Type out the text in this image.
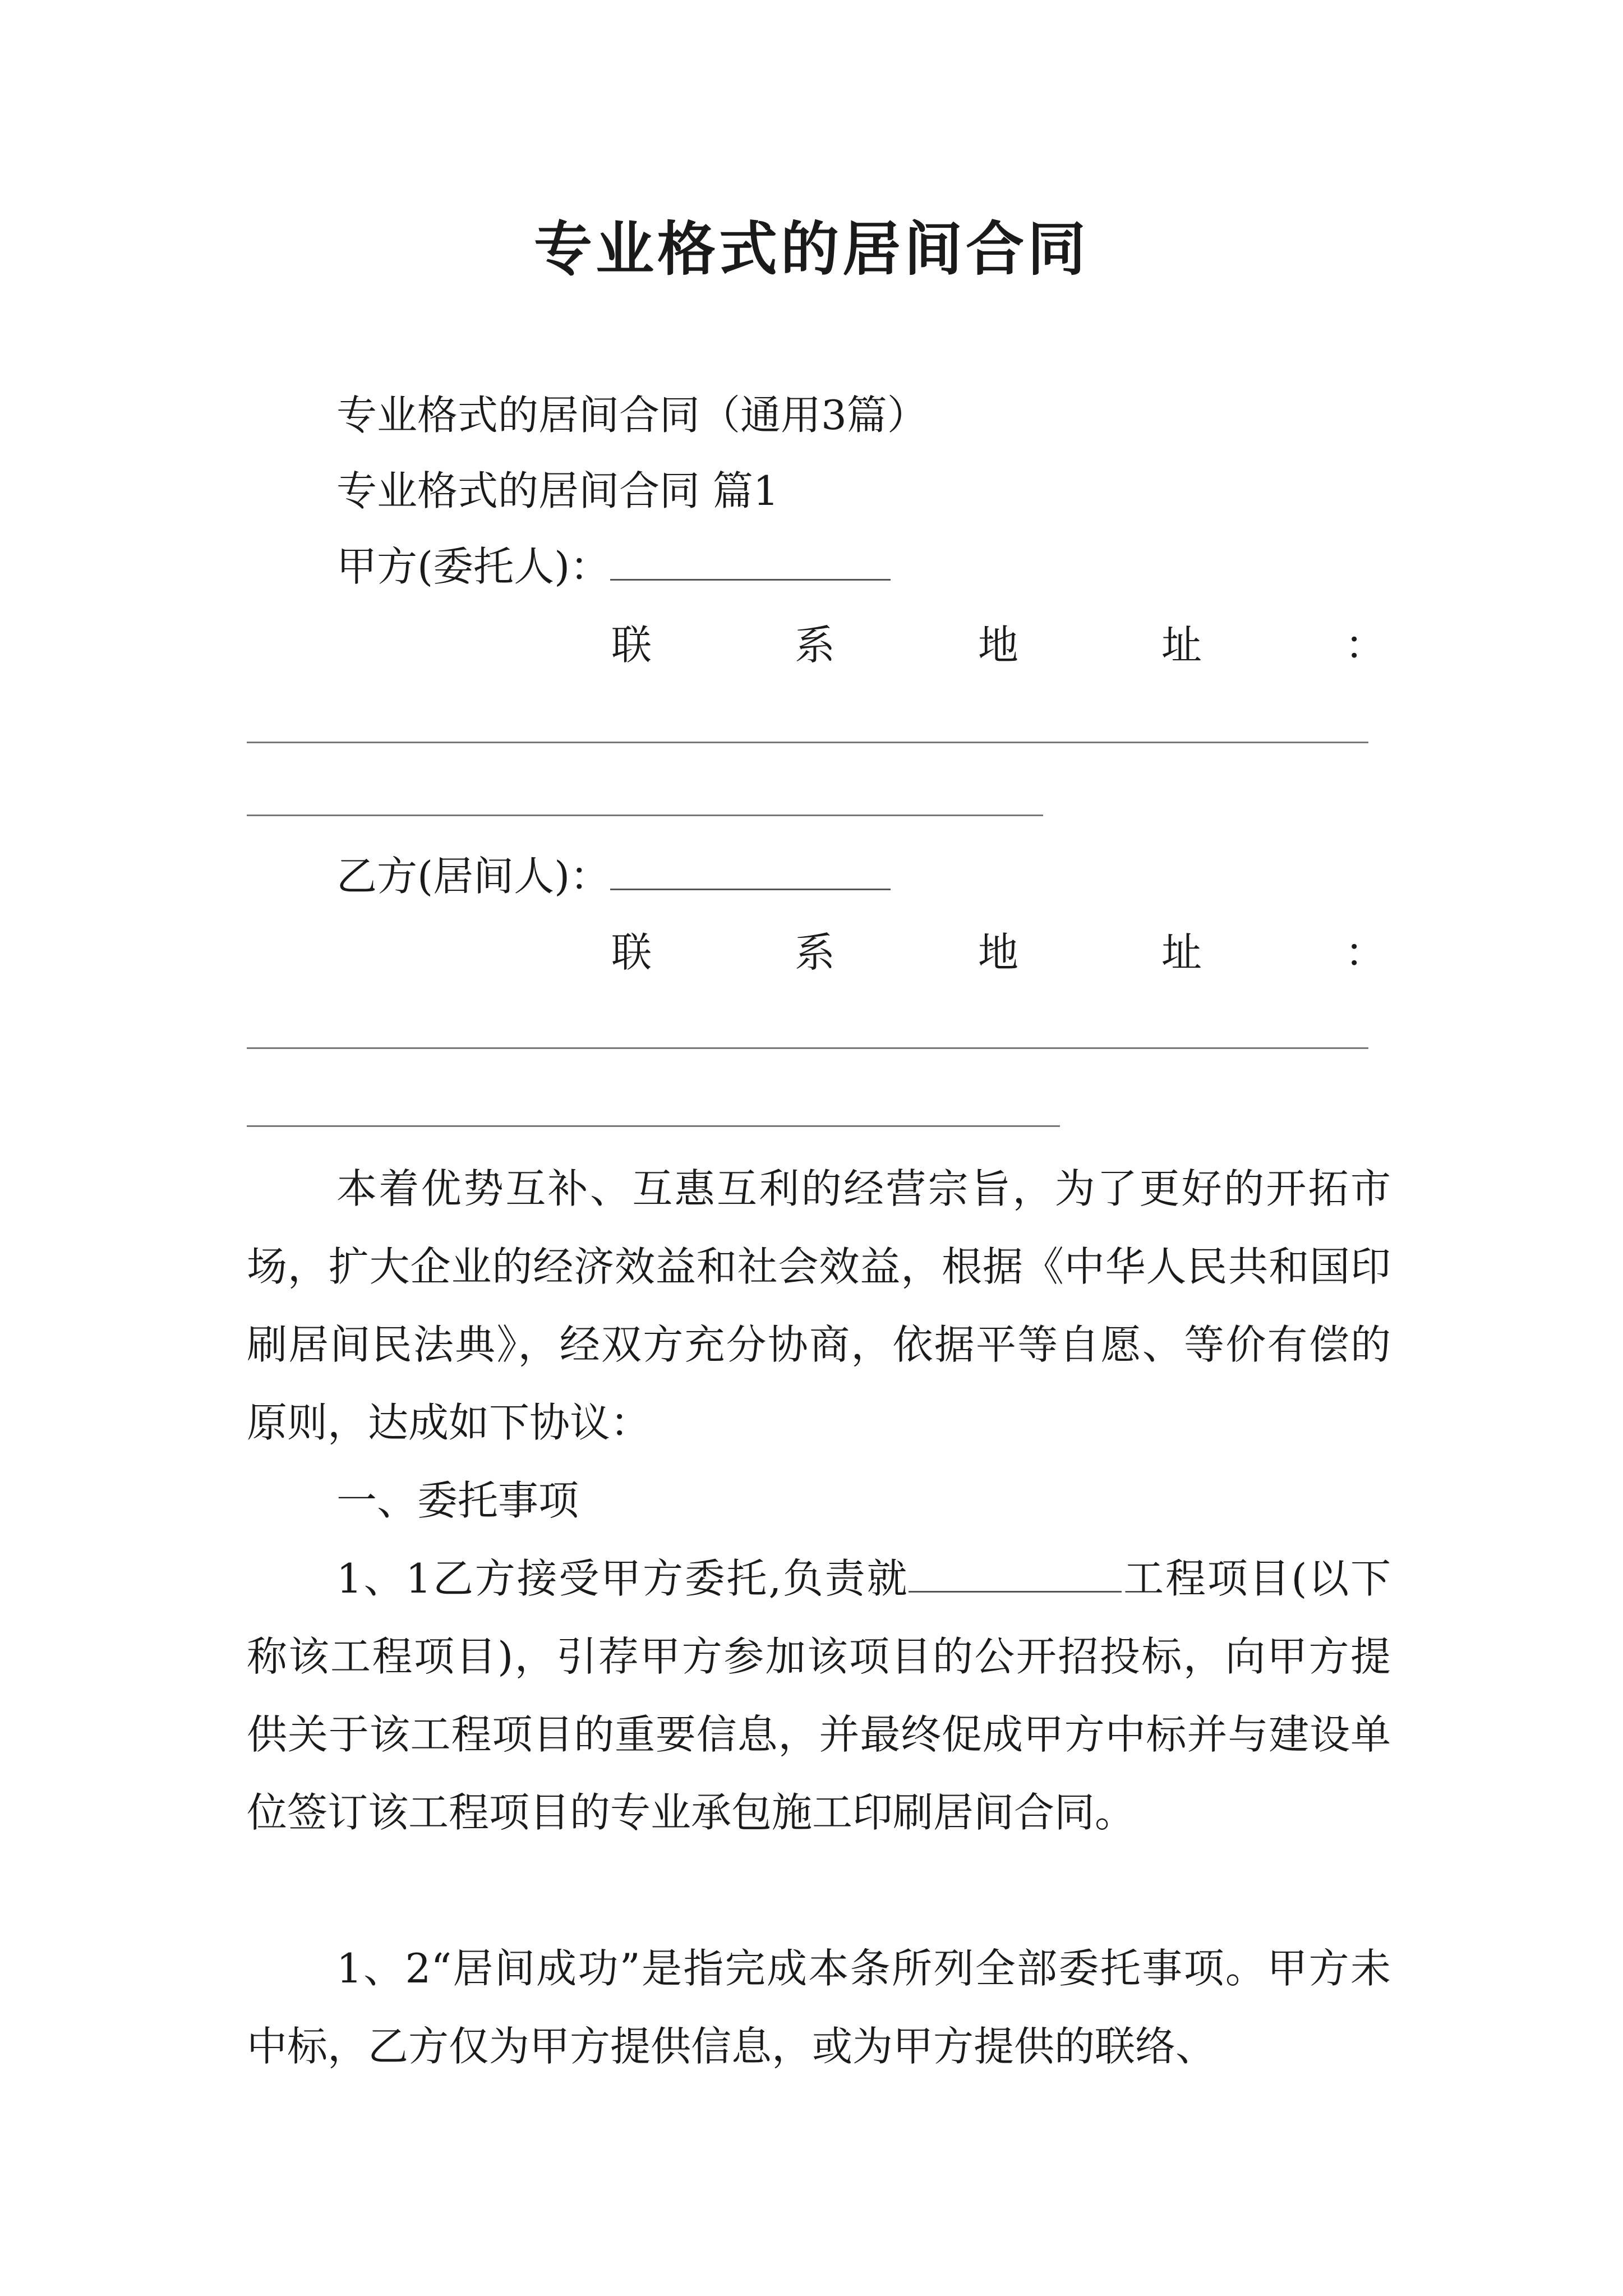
专业格式的居间合同
专业格式的居间合同（通用3篇）
专业格式的居间合同 篇1
甲方(委托人)：
联	系	地	址	：
乙方(居间人)：
联	系	地	址	：
本着优势互补、互惠互利的经营宗旨，为了更好的开拓市场，扩大企业的经济效益和社会效益，根据《中华人民共和国印刷居间民法典》，经双方充分协商，依据平等自愿、等价有偿的原则，达成如下协议：
一、委托事项
1、1乙方接受甲方委托,负责就	工程项目(以下称该工程项目)，引荐甲方参加该项目的公开招投标，向甲方提供关于该工程项目的重要信息，并最终促成甲方中标并与建设单位签订该工程项目的专业承包施工印刷居间合同。
1、2“居间成功”是指完成本条所列全部委托事项。甲方未中标，乙方仅为甲方提供信息，或为甲方提供的联络、
